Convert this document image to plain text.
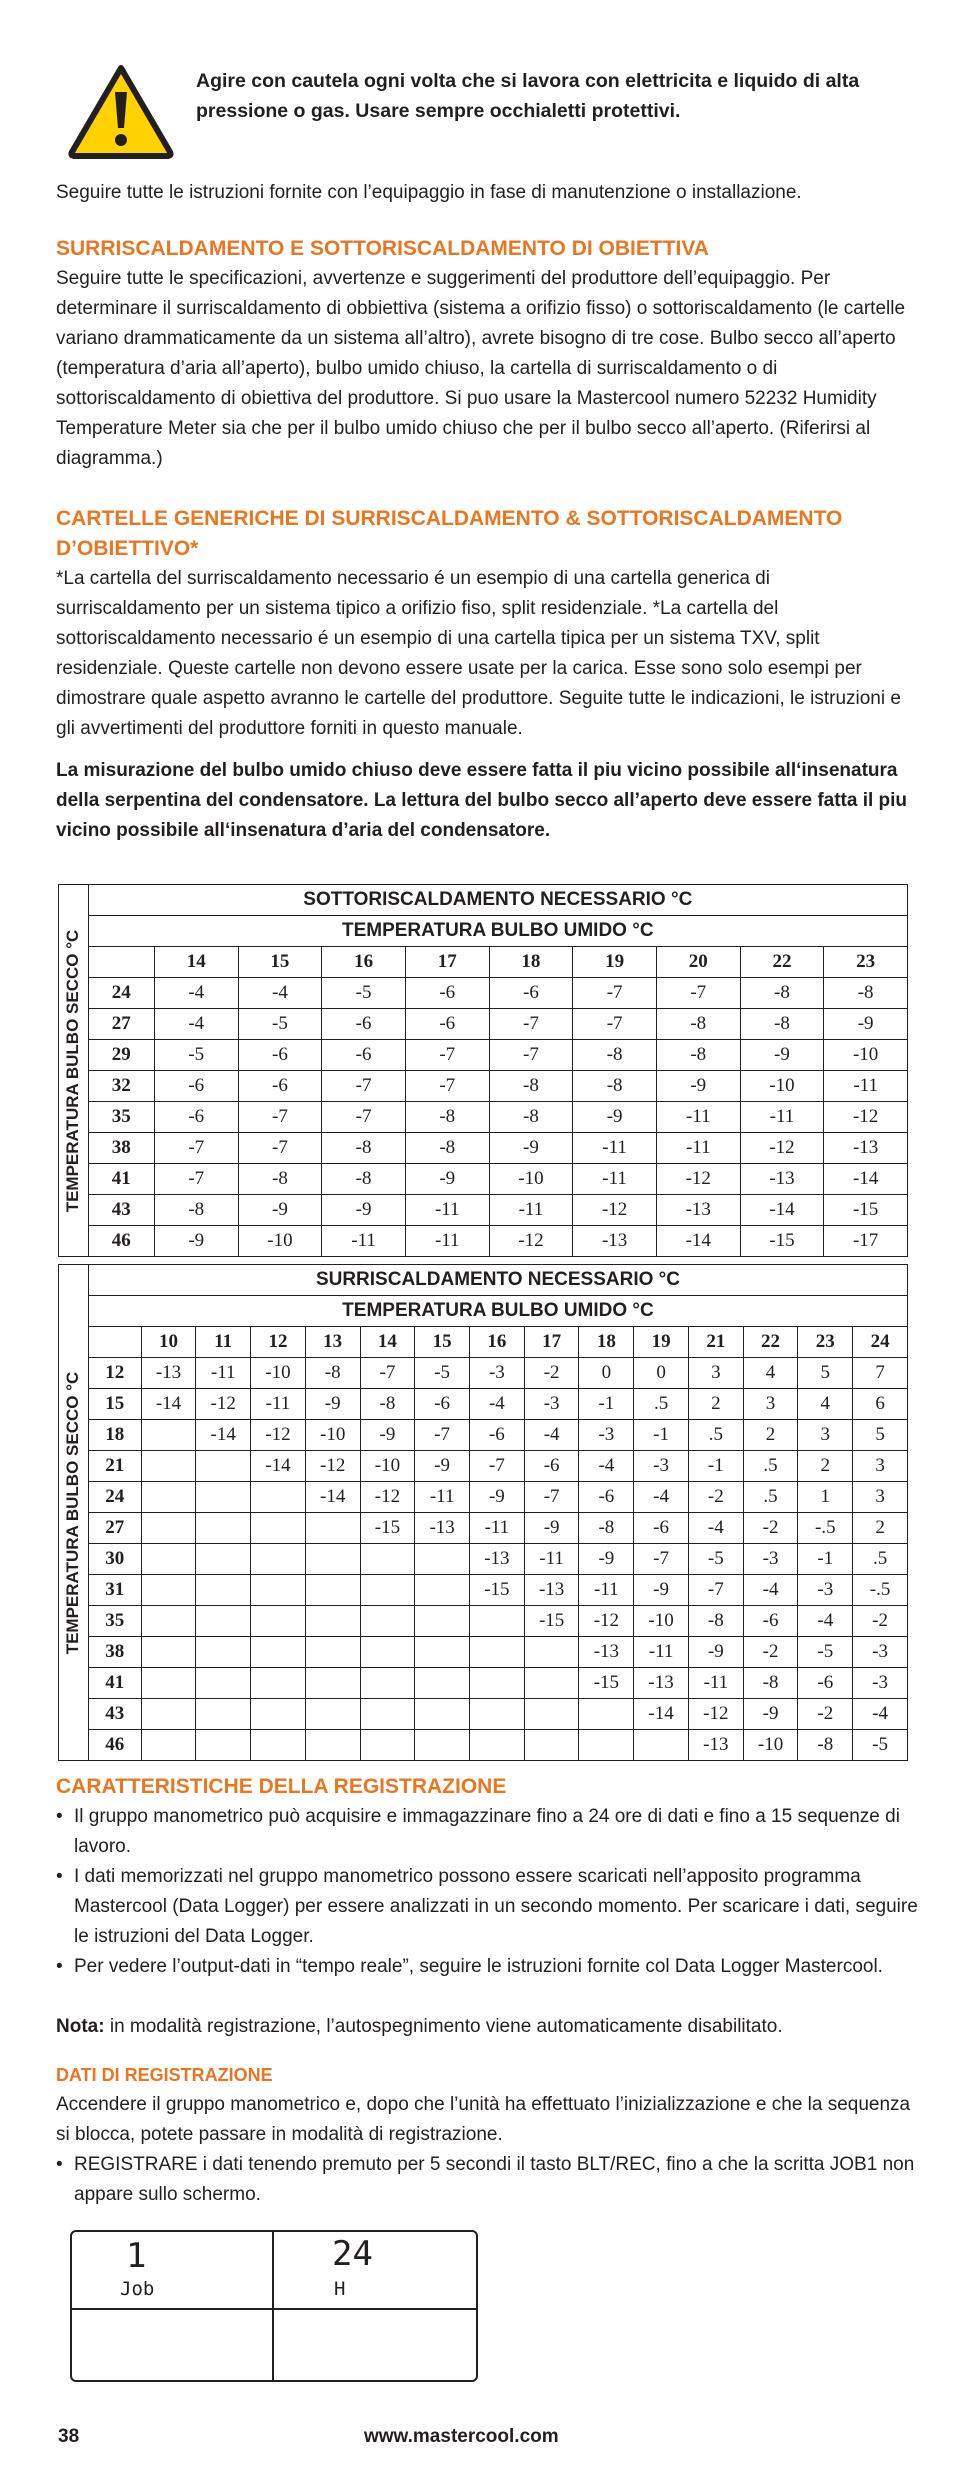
Agire con cautela ogni volta che si lavora con elettricita e liquido di alta pressione o gas. Usare sempre occhialetti protettivi.
Seguire tutte le istruzioni fornite con l’equipaggio in fase di manutenzione o installazione.
SURRISCALDAMENTO E SOTTORISCALDAMENTO DI OBIETTIVA
Seguire tutte le specificazioni, avvertenze e suggerimenti del produttore dell’equipaggio. Per determinare il surriscaldamento di obbiettiva (sistema a orifizio fisso) o sottoriscaldamento (le cartelle variano drammaticamente da un sistema all’altro), avrete bisogno di tre cose. Bulbo secco all’aperto (temperatura d’aria all’aperto), bulbo umido chiuso, la cartella di surriscaldamento o di sottoriscaldamento di obiettiva del produttore. Si puo usare la Mastercool numero 52232 Humidity Temperature Meter sia che per il bulbo umido chiuso che per il bulbo secco all’aperto. (Riferirsi al diagramma.)
CARTELLE GENERICHE DI SURRISCALDAMENTO & SOTTORISCALDAMENTO D’OBIETTIVO*
*La cartella del surriscaldamento necessario é un esempio di una cartella generica di surriscaldamento per un sistema tipico a orifizio fiso, split residenziale. *La cartella del sottoriscaldamento necessario é un esempio di una cartella tipica per un sistema TXV, split residenziale. Queste cartelle non devono essere usate per la carica. Esse sono solo esempi per dimostrare quale aspetto avranno le cartelle del produttore. Seguite tutte le indicazioni, le istruzioni e gli avvertimenti del produttore forniti in questo manuale.
La misurazione del bulbo umido chiuso deve essere fatta il piu vicino possibile all‘insenatura della serpentina del condensatore. La lettura del bulbo secco all’aperto deve essere fatta il piu vicino possibile all‘insenatura d’aria del condensatore.
TEMPERATURA BULBO SECCO °C	SOTTORISCALDAMENTO NECESSARIO °C									
	TEMPERATURA BULBO UMIDO °C									
		14	15	16	17	18	19	20	22	23
	24	-4	-4	-5	-6	-6	-7	-7	-8	-8
	27	-4	-5	-6	-6	-7	-7	-8	-8	-9
	29	-5	-6	-6	-7	-7	-8	-8	-9	-10
	32	-6	-6	-7	-7	-8	-8	-9	-10	-11
	35	-6	-7	-7	-8	-8	-9	-11	-11	-12
	38	-7	-7	-8	-8	-9	-11	-11	-12	-13
	41	-7	-8	-8	-9	-10	-11	-12	-13	-14
	43	-8	-9	-9	-11	-11	-12	-13	-14	-15
	46	-9	-10	-11	-11	-12	-13	-14	-15	-17
TEMPERATURA BULBO SECCO °C	SURRISCALDAMENTO NECESSARIO °C														
	TEMPERATURA BULBO UMIDO °C														
		10	11	12	13	14	15	16	17	18	19	21	22	23	24
	12	-13	-11	-10	-8	-7	-5	-3	-2	0	0	3	4	5	7
	15	-14	-12	-11	-9	-8	-6	-4	-3	-1	.5	2	3	4	6
	18		-14	-12	-10	-9	-7	-6	-4	-3	-1	.5	2	3	5
	21			-14	-12	-10	-9	-7	-6	-4	-3	-1	.5	2	3
	24				-14	-12	-11	-9	-7	-6	-4	-2	.5	1	3
	27					-15	-13	-11	-9	-8	-6	-4	-2	-.5	2
	30							-13	-11	-9	-7	-5	-3	-1	.5
	31							-15	-13	-11	-9	-7	-4	-3	-.5
	35								-15	-12	-10	-8	-6	-4	-2
	38									-13	-11	-9	-2	-5	-3
	41									-15	-13	-11	-8	-6	-3
	43										-14	-12	-9	-2	-4
	46											-13	-10	-8	-5
CARATTERISTICHE DELLA REGISTRAZIONE
• Il gruppo manometrico può acquisire e immagazzinare fino a 24 ore di dati e fino a 15 sequenze di lavoro.
• I dati memorizzati nel gruppo manometrico possono essere scaricati nell’apposito programma Mastercool (Data Logger) per essere analizzati in un secondo momento. Per scaricare i dati, seguire le istruzioni del Data Logger.
• Per vedere l’output-dati in “tempo reale”, seguire le istruzioni fornite col Data Logger Mastercool.
Nota: in modalità registrazione, l’autospegnimento viene automaticamente disabilitato.
DATI DI REGISTRAZIONE
Accendere il gruppo manometrico e, dopo che l’unità ha effettuato l’inizializzazione e che la sequenza si blocca, potete passare in modalità di registrazione.
• REGISTRARE i dati tenendo premuto per 5 secondi il tasto BLT/REC, fino a che la scritta JOB1 non appare sullo schermo.
1
Job
24
H
38	www.mastercool.com
